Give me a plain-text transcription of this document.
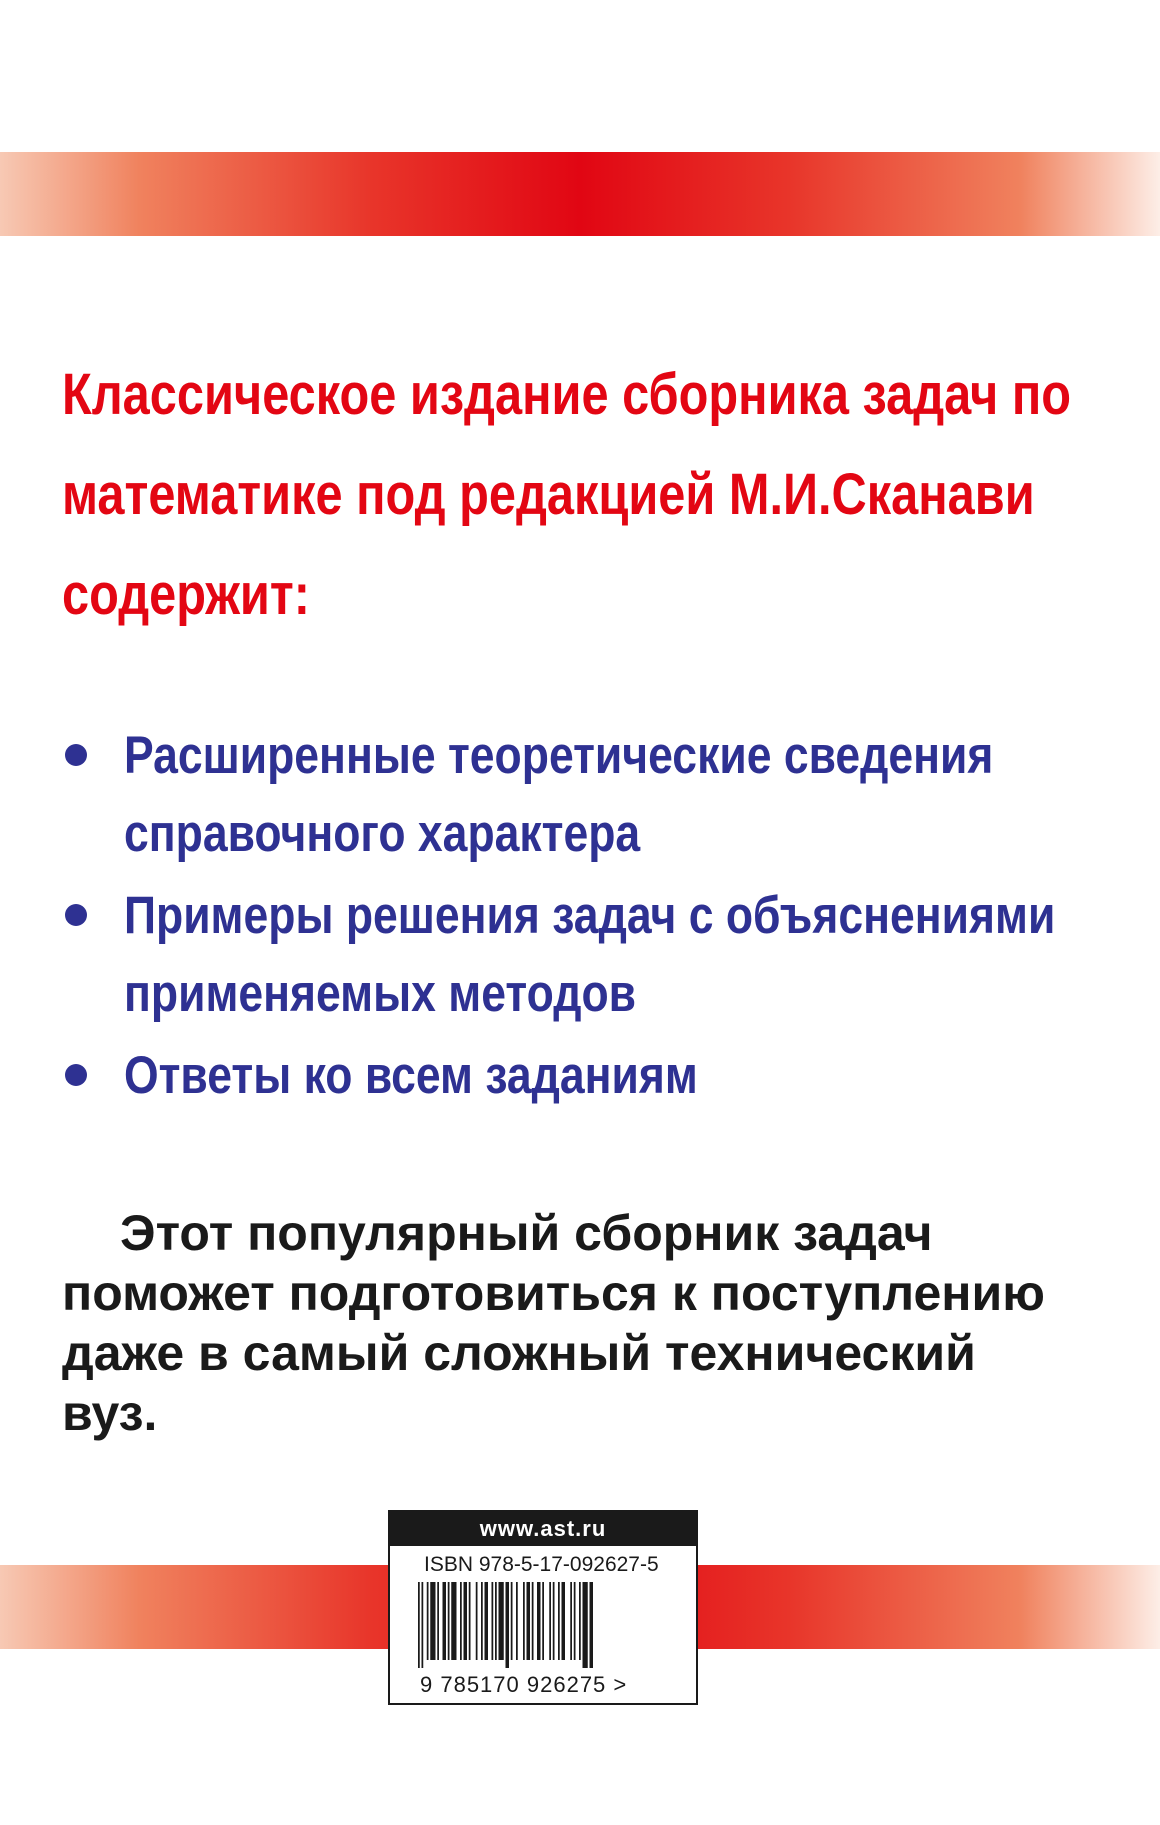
Классическое издание сборника задач по
математике под редакцией М.И.Сканави
содержит:
Расширенные теоретические сведения
справочного характера
Примеры решения задач с объяснениями
применяемых методов
Ответы ко всем заданиям

Этот популярный сборник задач
поможет подготовиться к поступлению
даже в самый сложный технический
вуз.

www.ast.ru
ISBN 978-5-17-092627-5
9 785170 926275 >
